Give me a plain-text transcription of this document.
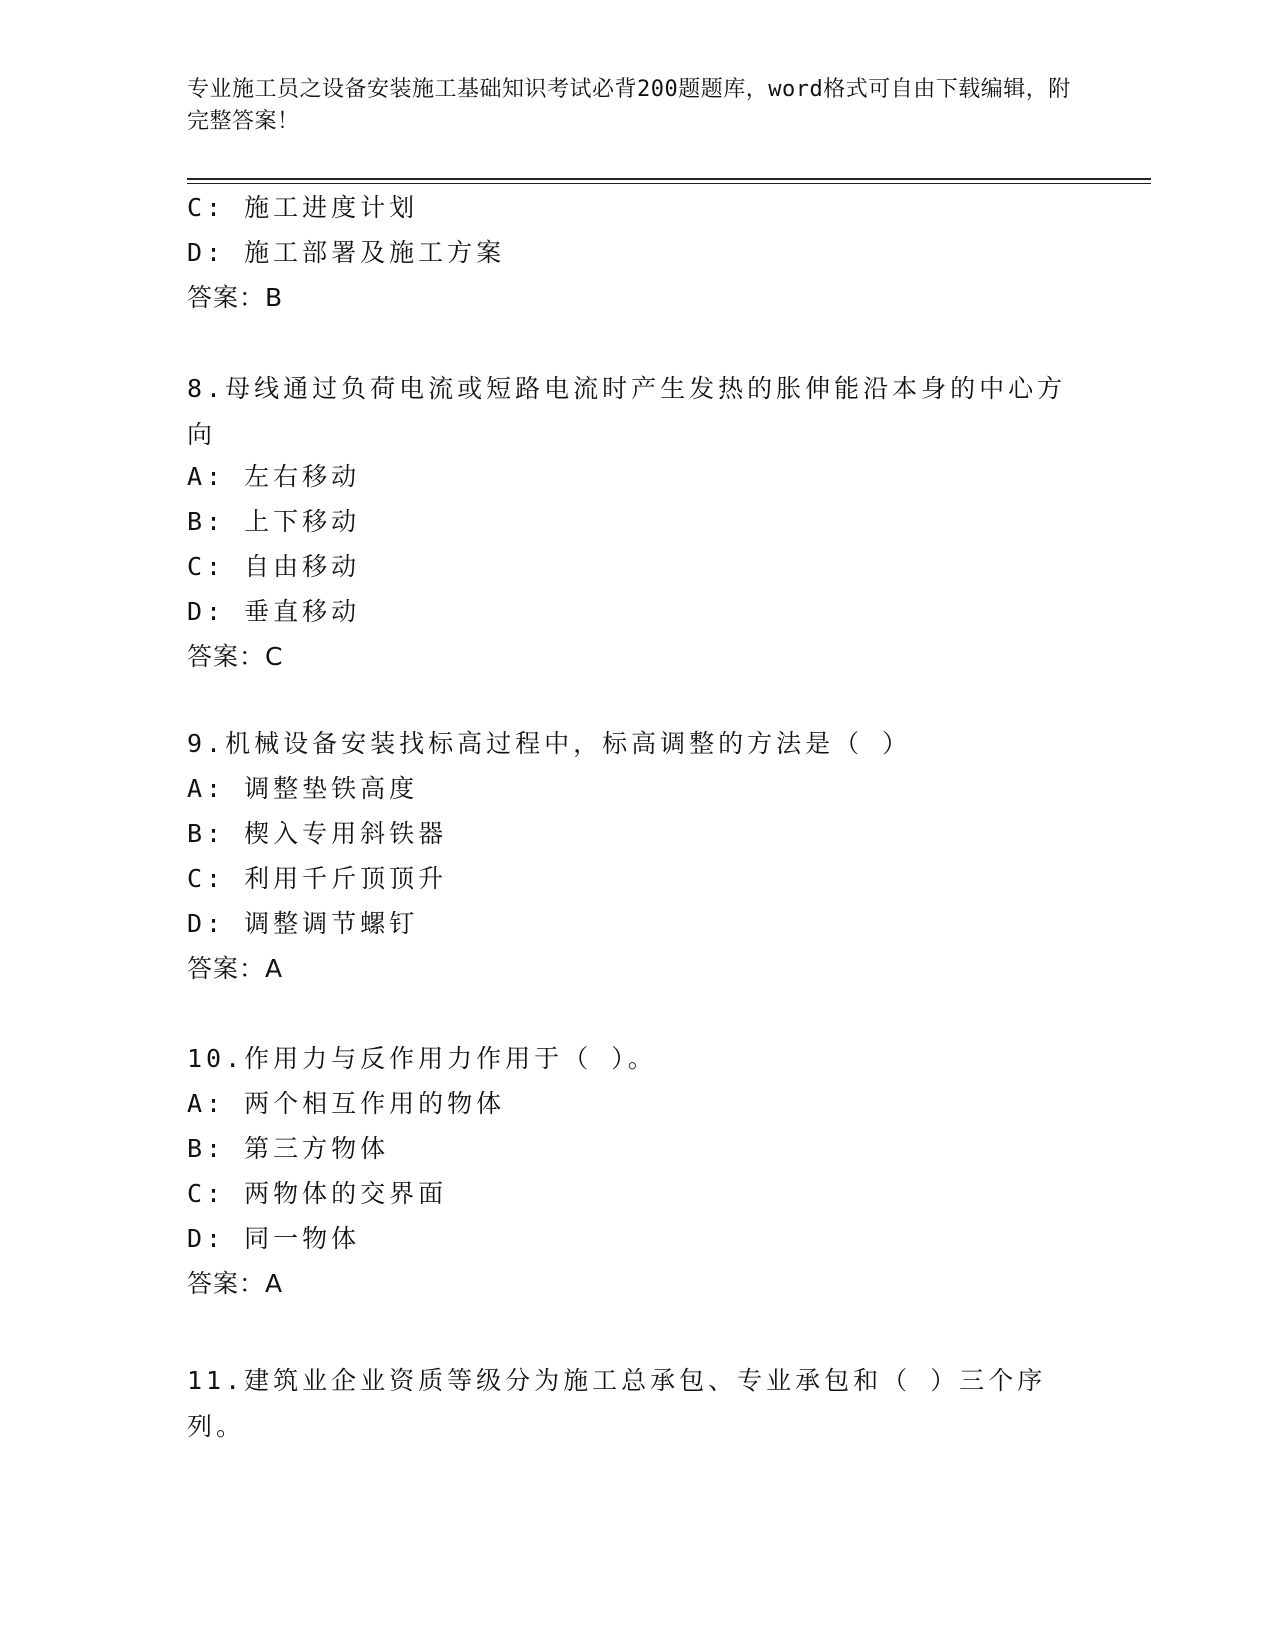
专业施工员之设备安装施工基础知识考试必背200题题库，word格式可自由下载编辑，附完整答案！
C: 施工进度计划
D: 施工部署及施工方案
答案：B
8.母线通过负荷电流或短路电流时产生发热的胀伸能沿本身的中心方向
A: 左右移动
B: 上下移动
C: 自由移动
D: 垂直移动
答案：C
9.机械设备安装找标高过程中，标高调整的方法是（ ）
A: 调整垫铁高度
B: 楔入专用斜铁器
C: 利用千斤顶顶升
D: 调整调节螺钉
答案：A
10.作用力与反作用力作用于（ ）。
A: 两个相互作用的物体
B: 第三方物体
C: 两物体的交界面
D: 同一物体
答案：A
11.建筑业企业资质等级分为施工总承包、专业承包和（ ）三个序列。
